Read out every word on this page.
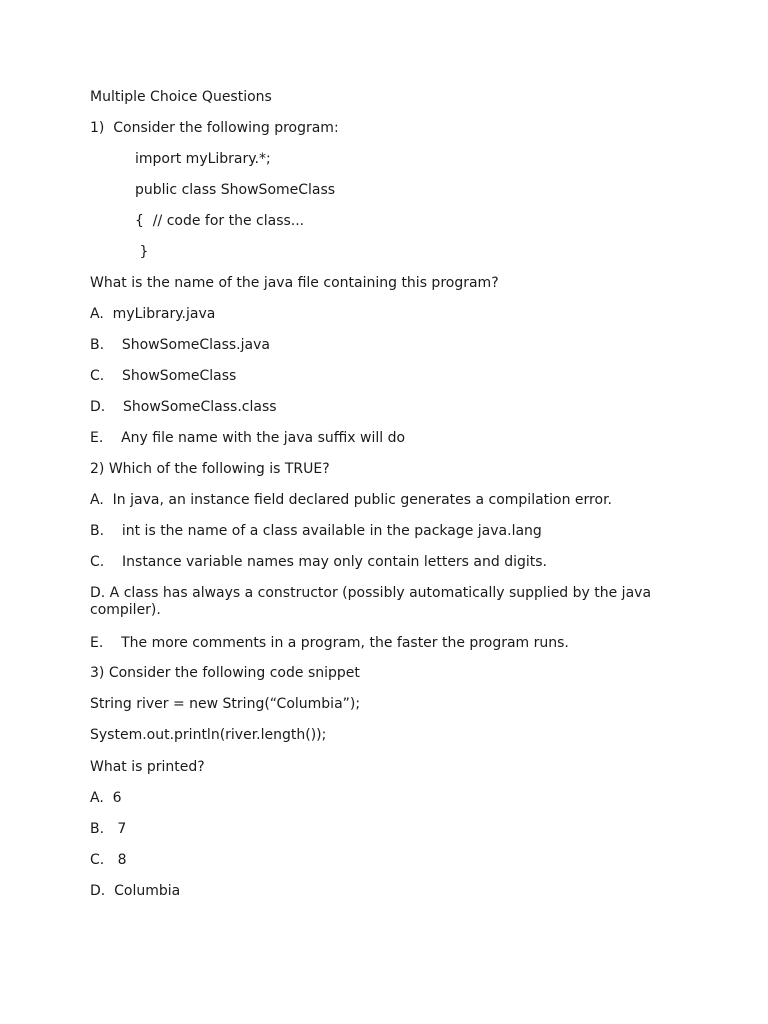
Multiple Choice Questions
1)  Consider the following program:
import myLibrary.*;
public class ShowSomeClass
{  // code for the class...
}
What is the name of the java file containing this program?
A.  myLibrary.java
B.    ShowSomeClass.java
C.    ShowSomeClass
D.    ShowSomeClass.class
E.    Any file name with the java suffix will do
2) Which of the following is TRUE?
A.  In java, an instance field declared public generates a compilation error.
B.    int is the name of a class available in the package java.lang
C.    Instance variable names may only contain letters and digits.
D. A class has always a constructor (possibly automatically supplied by the java compiler).
E.    The more comments in a program, the faster the program runs.
3) Consider the following code snippet
String river = new String(“Columbia”);
System.out.println(river.length());
What is printed?
A.  6
B.   7
C.   8
D.  Columbia
